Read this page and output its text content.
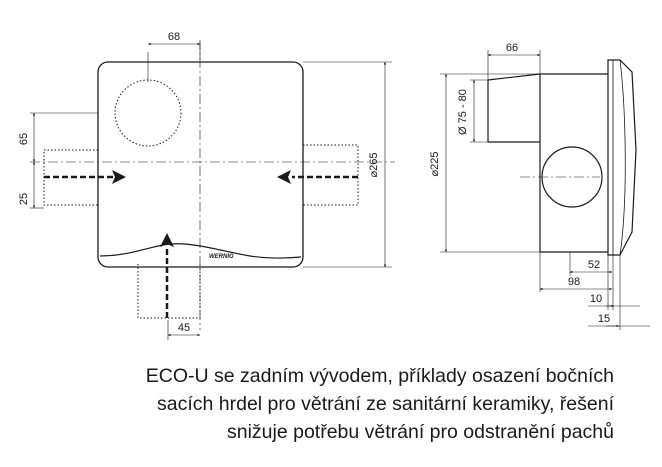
68
65
25
⌀265
45
WERNIG
66
Ø 75 - 80
⌀225
52
98
10
15
ECO-U se zadním vývodem, příklady osazení bočních
sacích hrdel pro větrání ze sanitární keramiky, řešení
snižuje potřebu větrání pro odstranění pachů
